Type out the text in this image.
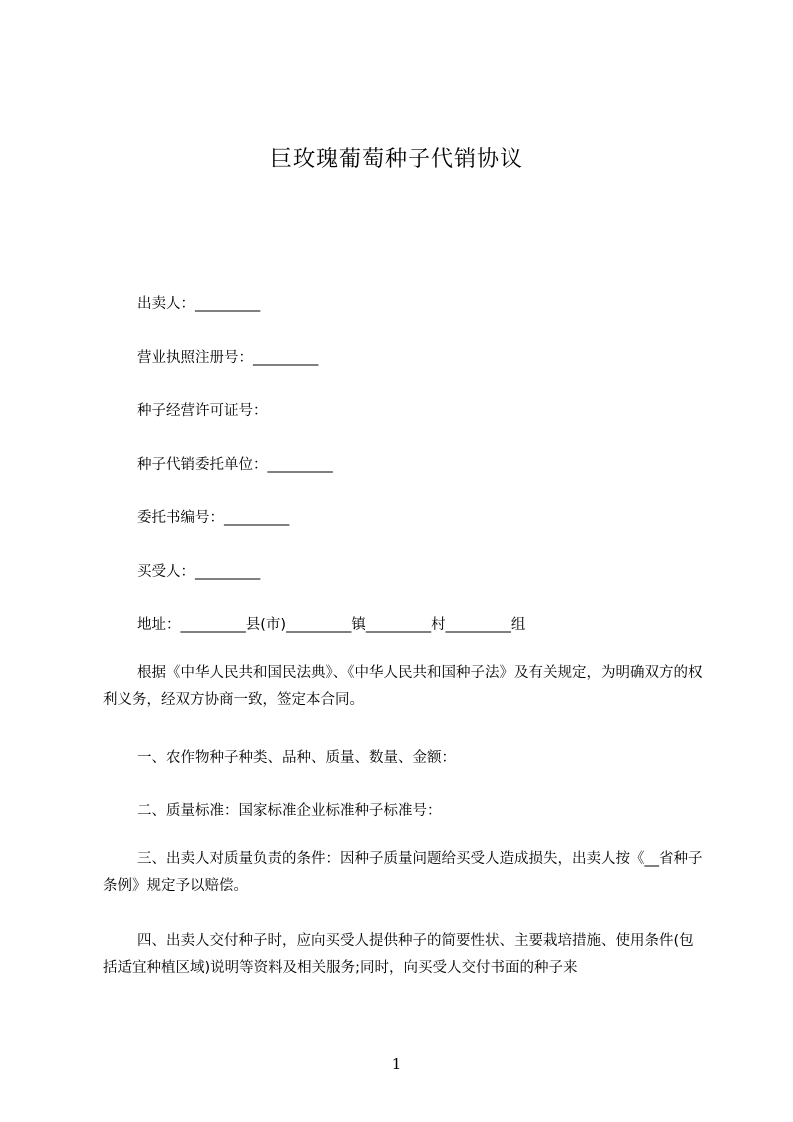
巨玫瑰葡萄种子代销协议
出卖人：_________
营业执照注册号：_________
种子经营许可证号：
种子代销委托单位：_________
委托书编号：_________
买受人：_________
地址：_________县(市)_________镇_________村_________组
根据《中华人民共和国民法典》、《中华人民共和国种子法》及有关规定，为明确双方的权利义务，经双方协商一致，签定本合同。
一、农作物种子种类、品种、质量、数量、金额：
二、质量标准：国家标准企业标准种子标准号：
三、出卖人对质量负责的条件：因种子质量问题给买受人造成损失，出卖人按《__省种子条例》规定予以赔偿。
四、出卖人交付种子时，应向买受人提供种子的简要性状、主要栽培措施、使用条件(包括适宜种植区域)说明等资料及相关服务;同时，向买受人交付书面的种子来
1
